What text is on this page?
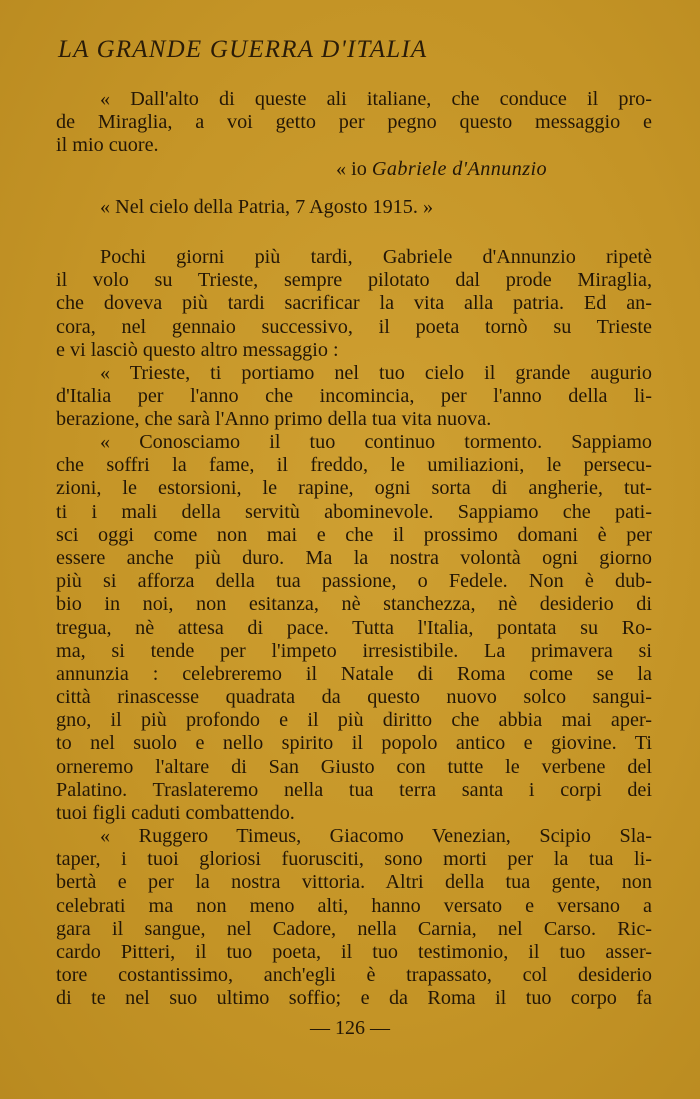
LA GRANDE GUERRA D'ITALIA
« Dall'alto di queste ali italiane, che conduce il pro-
de Miraglia, a voi getto per pegno questo messaggio e
il mio cuore.
« io Gabriele d'Annunzio
« Nel cielo della Patria, 7 Agosto 1915. »
Pochi giorni più tardi, Gabriele d'Annunzio ripetè
il volo su Trieste, sempre pilotato dal prode Miraglia,
che doveva più tardi sacrificar la vita alla patria. Ed an-
cora, nel gennaio successivo, il poeta tornò su Trieste
e vi lasciò questo altro messaggio :
« Trieste, ti portiamo nel tuo cielo il grande augurio
d'Italia per l'anno che incomincia, per l'anno della li-
berazione, che sarà l'Anno primo della tua vita nuova.
« Conosciamo il tuo continuo tormento. Sappiamo
che soffri la fame, il freddo, le umiliazioni, le persecu-
zioni, le estorsioni, le rapine, ogni sorta di angherie, tut-
ti i mali della servitù abominevole. Sappiamo che pati-
sci oggi come non mai e che il prossimo domani è per
essere anche più duro. Ma la nostra volontà ogni giorno
più si afforza della tua passione, o Fedele. Non è dub-
bio in noi, non esitanza, nè stanchezza, nè desiderio di
tregua, nè attesa di pace. Tutta l'Italia, pontata su Ro-
ma, si tende per l'impeto irresistibile. La primavera si
annunzia : celebreremo il Natale di Roma come se la
città rinascesse quadrata da questo nuovo solco sangui-
gno, il più profondo e il più diritto che abbia mai aper-
to nel suolo e nello spirito il popolo antico e giovine. Ti
orneremo l'altare di San Giusto con tutte le verbene del
Palatino. Traslateremo nella tua terra santa i corpi dei
tuoi figli caduti combattendo.
« Ruggero Timeus, Giacomo Venezian, Scipio Sla-
taper, i tuoi gloriosi fuorusciti, sono morti per la tua li-
bertà e per la nostra vittoria. Altri della tua gente, non
celebrati ma non meno alti, hanno versato e versano a
gara il sangue, nel Cadore, nella Carnia, nel Carso. Ric-
cardo Pitteri, il tuo poeta, il tuo testimonio, il tuo asser-
tore costantissimo, anch'egli è trapassato, col desiderio
di te nel suo ultimo soffio; e da Roma il tuo corpo fa
— 126 —
